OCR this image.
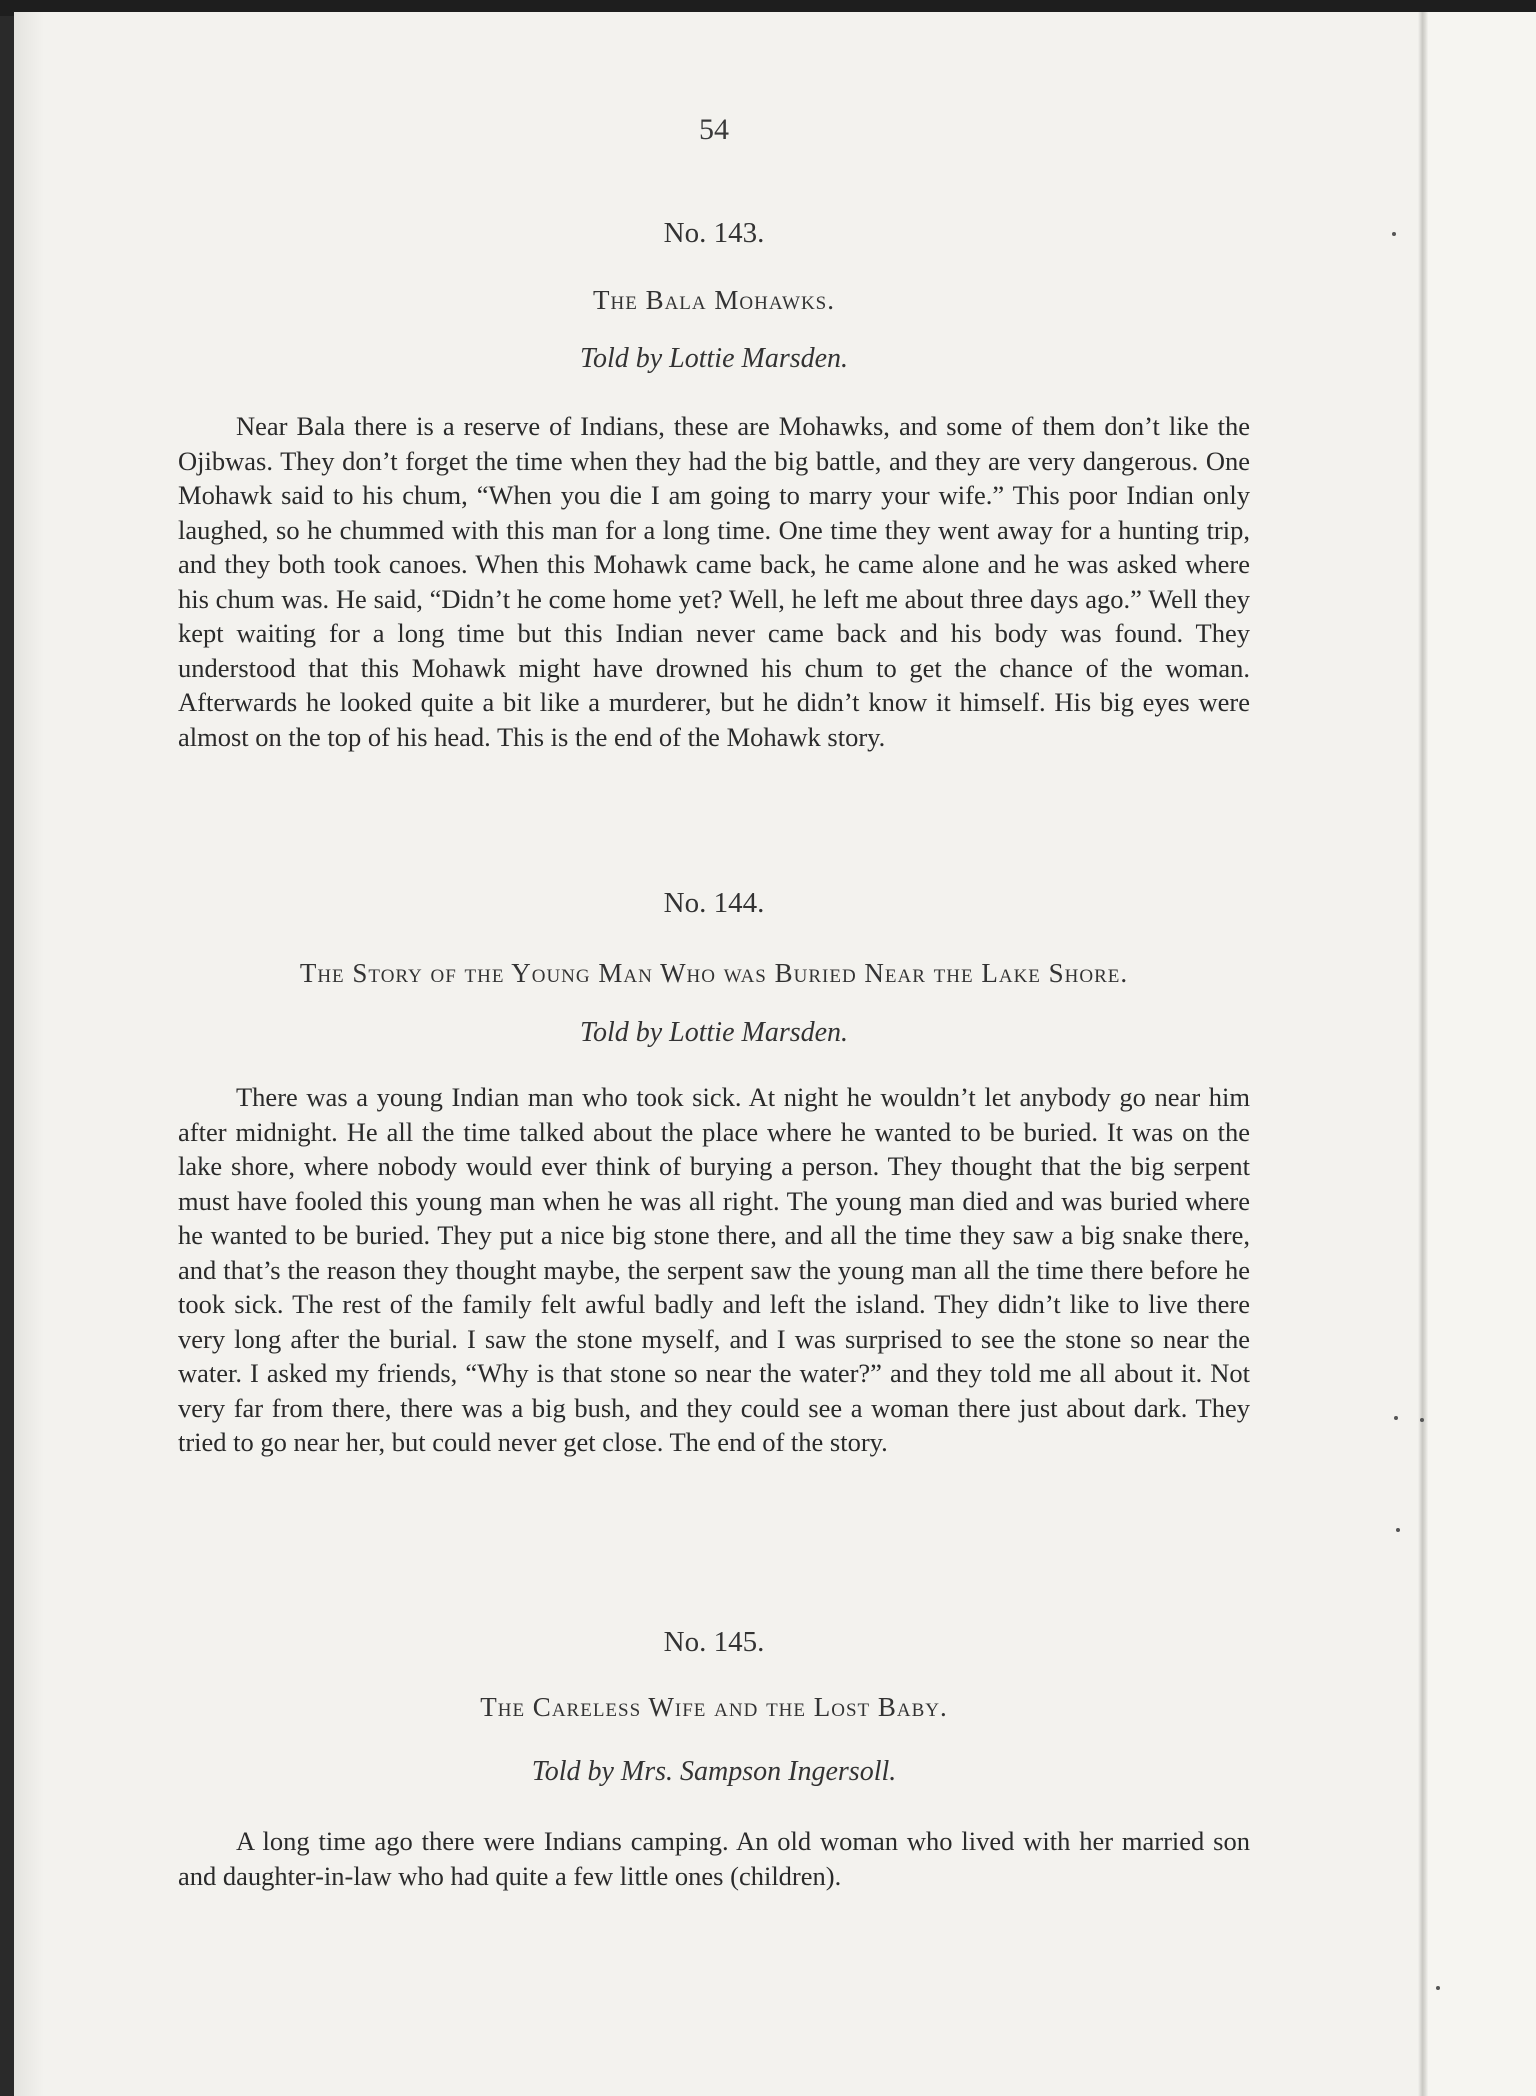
54
No. 143.
The Bala Mohawks.
Told by Lottie Marsden.

Near Bala there is a reserve of Indians, these are Mohawks, and some of them don’t like the Ojibwas. They don’t forget the time when they had the big battle, and they are very dangerous. One Mohawk said to his chum, “When you die I am going to marry your wife.” This poor Indian only laughed, so he chummed with this man for a long time. One time they went away for a hunting trip, and they both took canoes. When this Mohawk came back, he came alone and he was asked where his chum was. He said, “Didn’t he come home yet? Well, he left me about three days ago.” Well they kept waiting for a long time but this Indian never came back and his body was found. They understood that this Mohawk might have drowned his chum to get the chance of the woman. Afterwards he looked quite a bit like a murderer, but he didn’t know it himself. His big eyes were almost on the top of his head. This is the end of the Mohawk story.

No. 144.
The Story of the Young Man Who was Buried Near the Lake Shore.
Told by Lottie Marsden.

There was a young Indian man who took sick. At night he wouldn’t let anybody go near him after midnight. He all the time talked about the place where he wanted to be buried. It was on the lake shore, where nobody would ever think of burying a person. They thought that the big serpent must have fooled this young man when he was all right. The young man died and was buried where he wanted to be buried. They put a nice big stone there, and all the time they saw a big snake there, and that’s the reason they thought maybe, the serpent saw the young man all the time there before he took sick. The rest of the family felt awful badly and left the island. They didn’t like to live there very long after the burial. I saw the stone myself, and I was surprised to see the stone so near the water. I asked my friends, “Why is that stone so near the water?” and they told me all about it. Not very far from there, there was a big bush, and they could see a woman there just about dark. They tried to go near her, but could never get close. The end of the story.

No. 145.
The Careless Wife and the Lost Baby.
Told by Mrs. Sampson Ingersoll.

A long time ago there were Indians camping. An old woman who lived with her married son and daughter-in-law who had quite a few little ones (children).
